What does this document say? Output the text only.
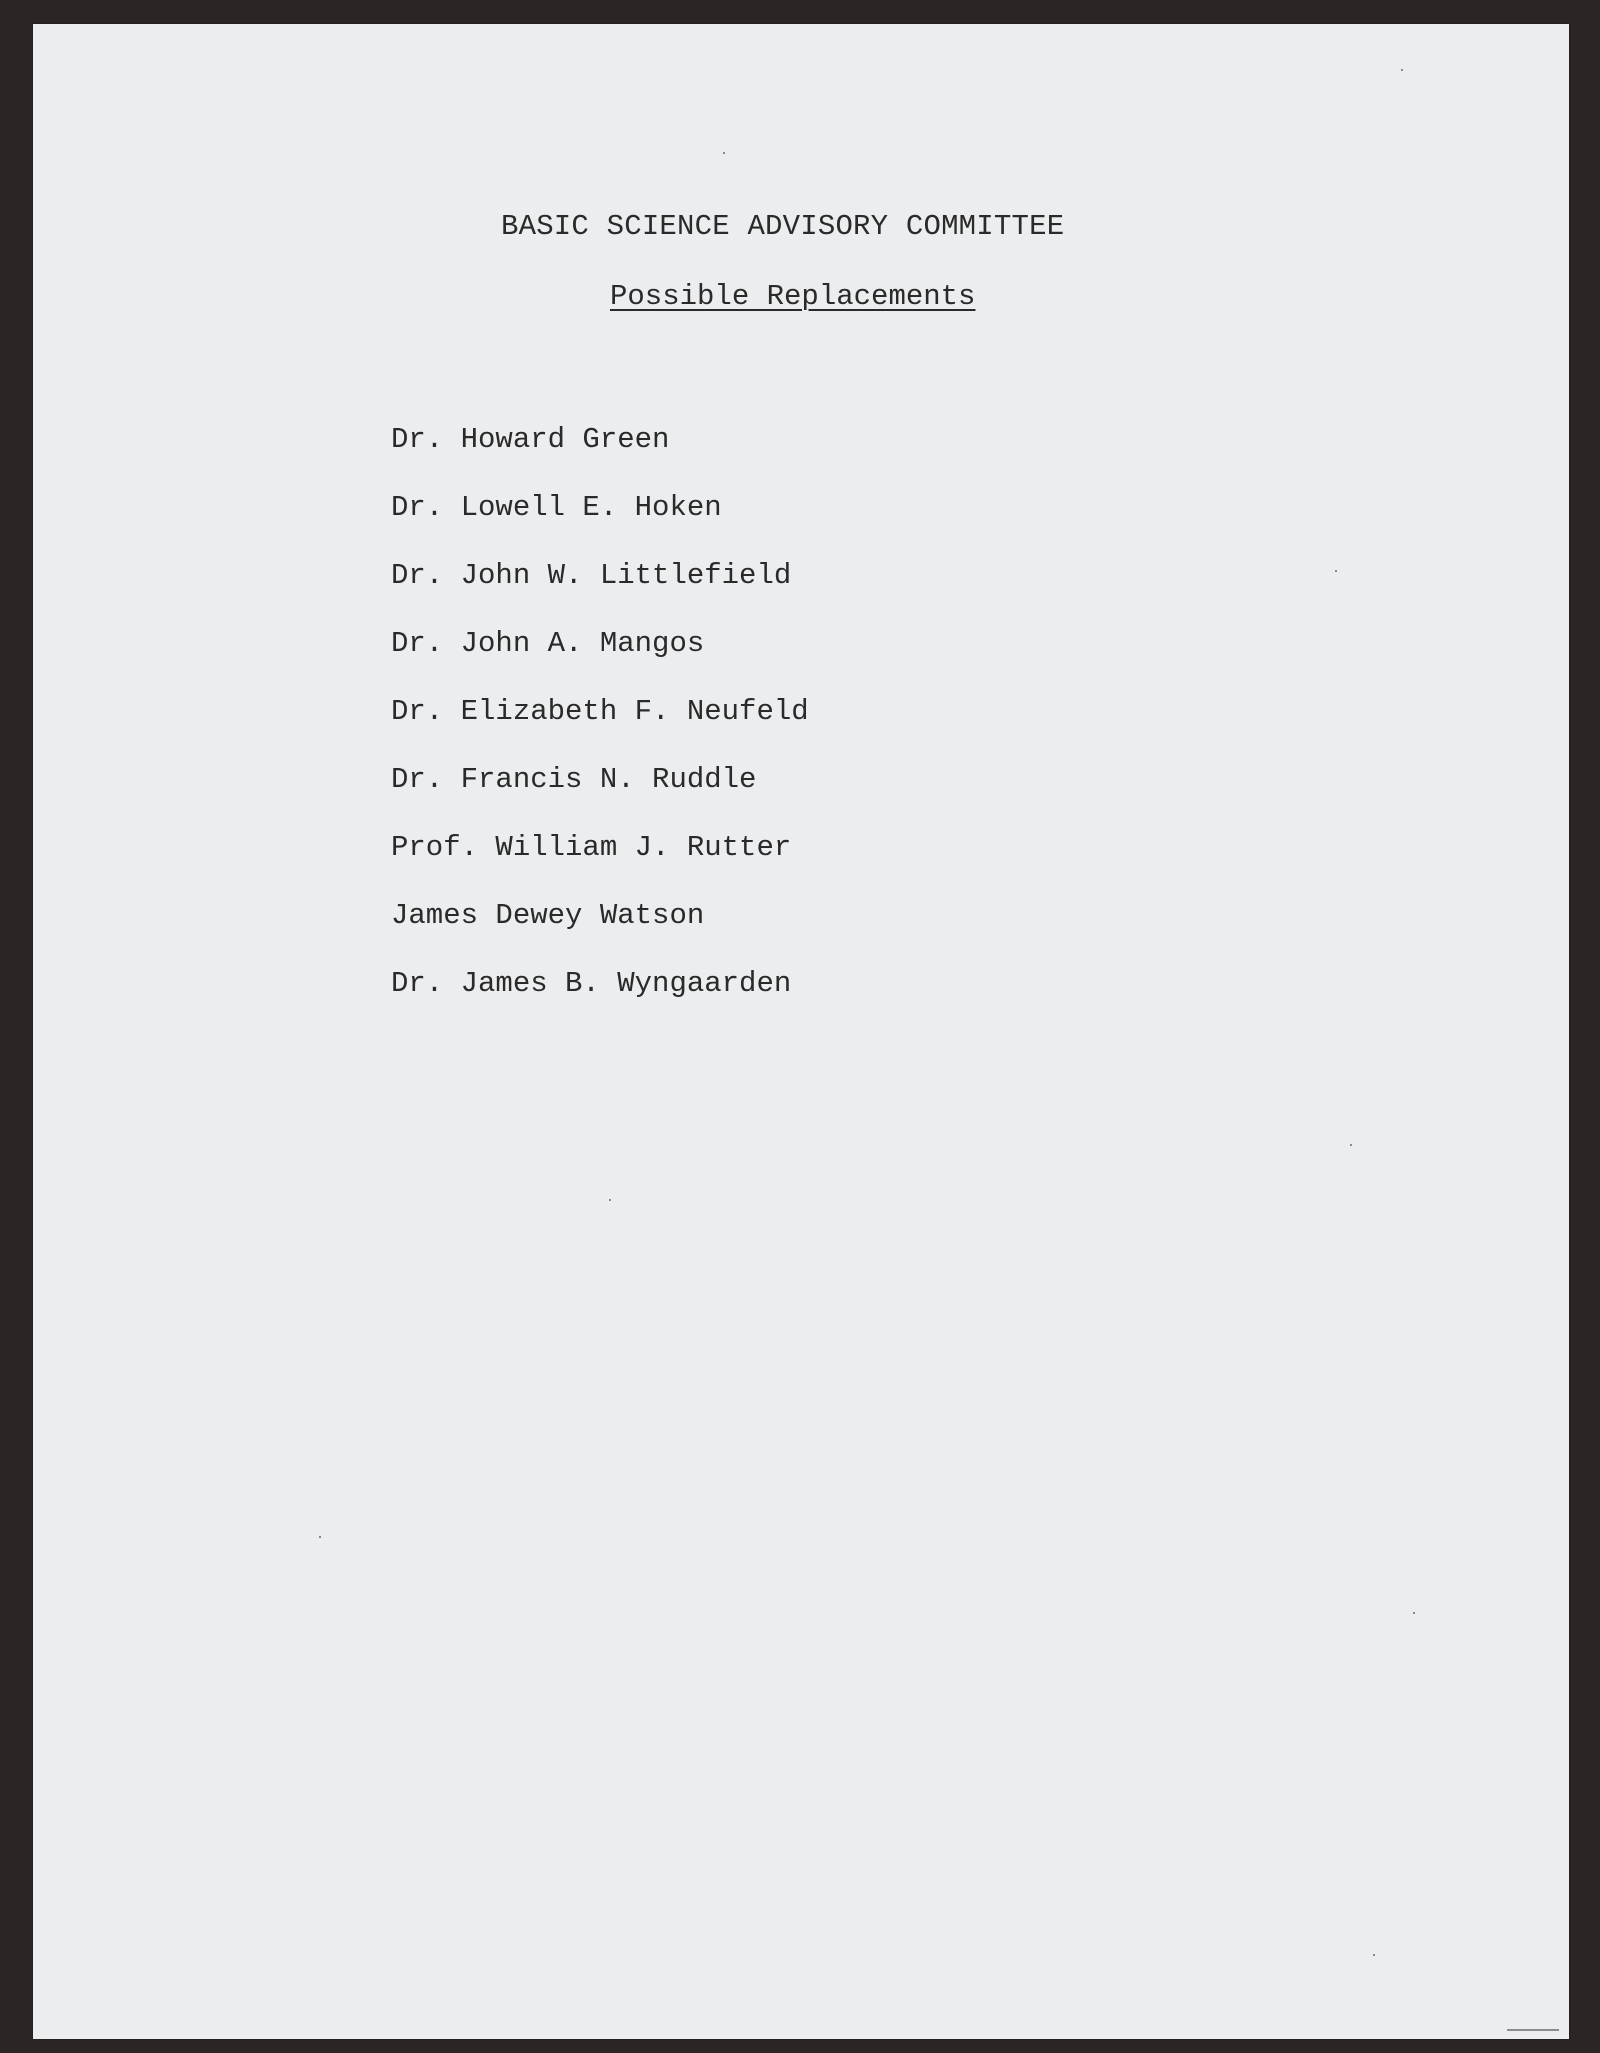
BASIC SCIENCE ADVISORY COMMITTEE
Possible Replacements
Dr. Howard Green
Dr. Lowell E. Hoken
Dr. John W. Littlefield
Dr. John A. Mangos
Dr. Elizabeth F. Neufeld
Dr. Francis N. Ruddle
Prof. William J. Rutter
James Dewey Watson
Dr. James B. Wyngaarden
